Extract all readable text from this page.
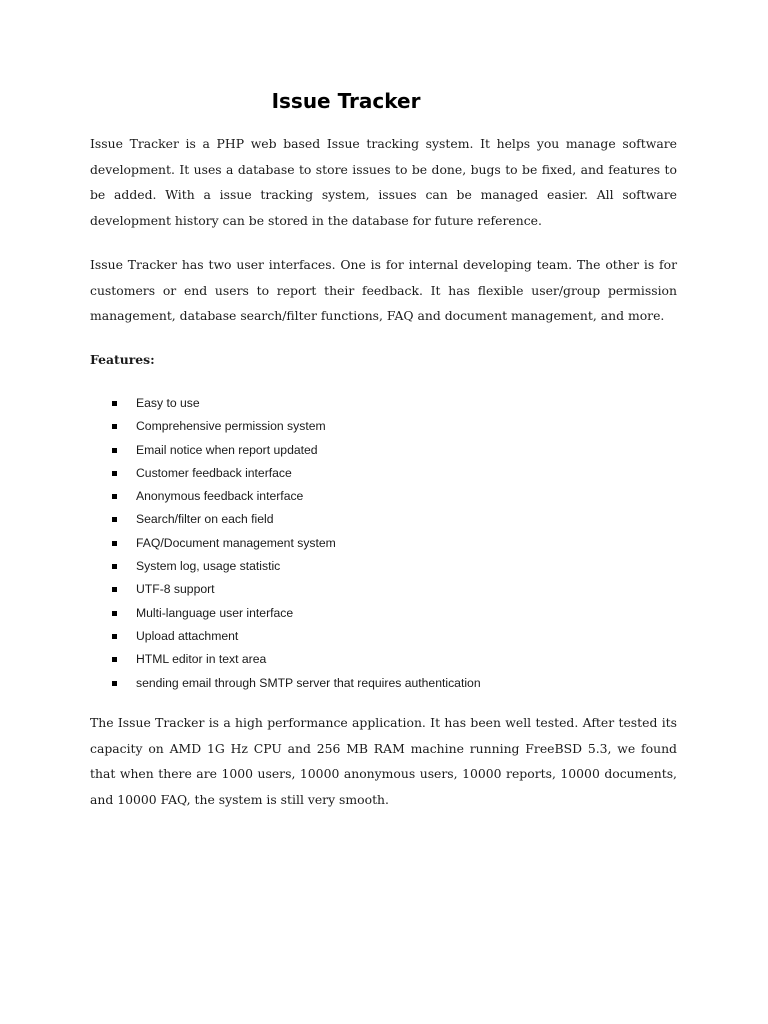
Issue Tracker

Issue Tracker is a PHP web based Issue tracking system. It helps you manage software development. It uses a database to store issues to be done, bugs to be fixed, and features to be added. With a issue tracking system, issues can be managed easier. All software development history can be stored in the database for future reference.

Issue Tracker has two user interfaces. One is for internal developing team. The other is for customers or end users to report their feedback. It has flexible user/group permission management, database search/filter functions, FAQ and document management, and more.

Features:

Easy to use
Comprehensive permission system
Email notice when report updated
Customer feedback interface
Anonymous feedback interface
Search/filter on each field
FAQ/Document management system
System log, usage statistic
UTF-8 support
Multi-language user interface
Upload attachment
HTML editor in text area
sending email through SMTP server that requires authentication

The Issue Tracker is a high performance application. It has been well tested. After tested its capacity on AMD 1G Hz CPU and 256 MB RAM machine running FreeBSD 5.3, we found that when there are 1000 users, 10000 anonymous users, 10000 reports, 10000 documents, and 10000 FAQ, the system is still very smooth.
